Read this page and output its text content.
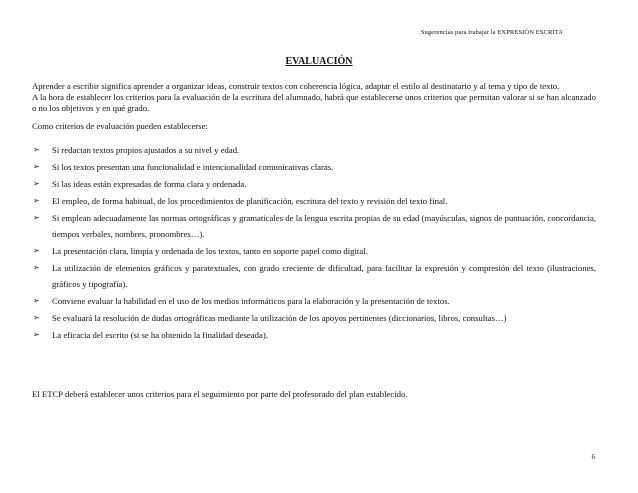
Sugerencias para trabajar la EXPRESIÓN ESCRITA
EVALUACIÓN

Aprender a escribir significa aprender a organizar ideas, construir textos con coherencia lógica, adaptar el estilo al destinatario y al tema y tipo de texto.

A la hora de establecer los criterios para la evaluación de la escritura del alumnado, habrá que establecerse unos criterios que permitan valorar si se han alcanzado o no los objetivos y en qué grado.

Como criterios de evaluación pueden establecerse:

➢ Si redactan textos propios ajustados a su nivel y edad.
➢ Si los textos presentan una funcionalidad e intencionalidad comunicativas claras.
➢ Si las ideas están expresadas de forma clara y ordenada.
➢ El empleo, de forma habitual, de los procedimientos de planificación, escritura del texto y revisión del texto final.
➢ Si emplean adecuadamente las normas ortográficas y gramaticales de la lengua escrita propias de su edad (mayúsculas, signos de puntuación, concordancia, tiempos verbales, nombres, pronombres…).
➢ La presentación clara, limpia y ordenada de los textos, tanto en soporte papel como digital.
➢ La utilización de elementos gráficos y paratextuales, con grado creciente de dificultad, para facilitar la expresión y compresión del texto (ilustraciones, gráficos y tipografía).
➢ Conviene evaluar la habilidad en el uso de los medios informáticos para la elaboración y la presentación de textos.
➢ Se evaluará la resolución de dudas ortográficas mediante la utilización de los apoyos pertinentes (diccionarios, libros, consultas…)
➢ La eficacia del escrito (si se ha obtenido la finalidad deseada).
El ETCP deberá establecer unos criterios para el seguimiento por parte del profesorado del plan establecido.
6
